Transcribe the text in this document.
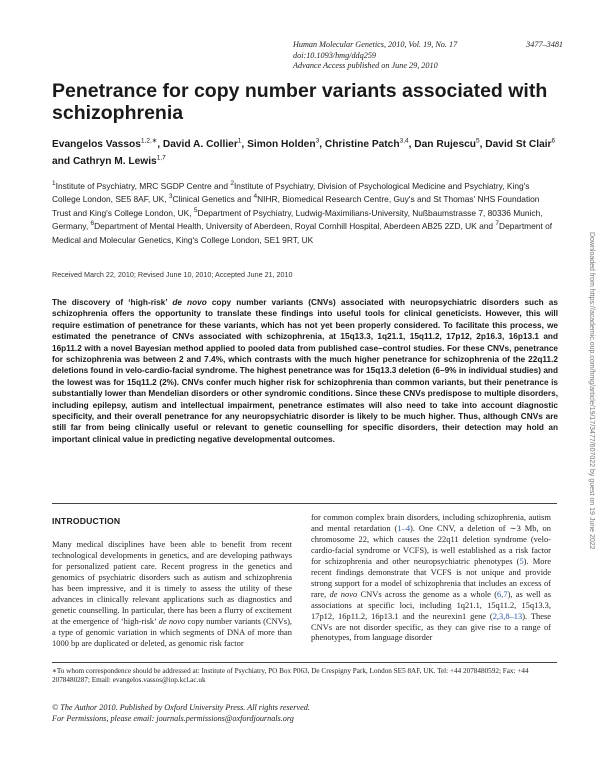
Human Molecular Genetics, 2010, Vol. 19, No. 17	3477–3481
doi:10.1093/hmg/ddq259
Advance Access published on June 29, 2010
Penetrance for copy number variants associated with schizophrenia
Evangelos Vassos$^{1,2,∗}$, David A. Collier$^1$, Simon Holden$^3$, Christine Patch$^{3,4}$, Dan Rujescu$^5$, David St Clair$^6$ and Cathryn M. Lewis$^{1,7}$
$^1$Institute of Psychiatry, MRC SGDP Centre and $^2$Institute of Psychiatry, Division of Psychological Medicine and Psychiatry, King's College London, SE5 8AF, UK, $^3$Clinical Genetics and $^4$NIHR, Biomedical Research Centre, Guy's and St Thomas' NHS Foundation Trust and King's College London, UK, $^5$Department of Psychiatry, Ludwig-Maximilians-University, Nußbaumstrasse 7, 80336 Munich, Germany, $^6$Department of Mental Health, University of Aberdeen, Royal Cornhill Hospital, Aberdeen AB25 2ZD, UK and $^7$Department of Medical and Molecular Genetics, King's College London, SE1 9RT, UK
Received March 22, 2010; Revised June 10, 2010; Accepted June 21, 2010
The discovery of ‘high-risk’ de novo copy number variants (CNVs) associated with neuropsychiatric disorders such as schizophrenia offers the opportunity to translate these findings into useful tools for clinical geneticists. However, this will require estimation of penetrance for these variants, which has not yet been properly considered. To facilitate this process, we estimated the penetrance of CNVs associated with schizophrenia, at 15q13.3, 1q21.1, 15q11.2, 17p12, 2p16.3, 16p13.1 and 16p11.2 with a novel Bayesian method applied to pooled data from published case–control studies. For these CNVs, penetrance for schizophrenia was between 2 and 7.4%, which contrasts with the much higher penetrance for schizophrenia of the 22q11.2 deletions found in velo-cardio-facial syndrome. The highest penetrance was for 15q13.3 deletion (6–9% in individual studies) and the lowest was for 15q11.2 (2%). CNVs confer much higher risk for schizophrenia than common variants, but their penetrance is substantially lower than Mendelian disorders or other syndromic conditions. Since these CNVs predispose to multiple disorders, including epilepsy, autism and intellectual impairment, penetrance estimates will also need to take into account diagnostic specificity, and their overall penetrance for any neuropsychiatric disorder is likely to be much higher. Thus, although CNVs are still far from being clinically useful or relevant to genetic counselling for specific disorders, their detection may hold an important clinical value in predicting negative developmental outcomes.
INTRODUCTION
Many medical disciplines have been able to benefit from recent technological developments in genetics, and are developing pathways for personalized patient care. Recent progress in the genetics and genomics of psychiatric disorders such as autism and schizophrenia has been impressive, and it is timely to assess the utility of these advances in clinically relevant applications such as diagnostics and genetic counselling. In particular, there has been a flurry of excitement at the emergence of ‘high-risk’ de novo copy number variants (CNVs), a type of genomic variation in which segments of DNA of more than 1000 bp are duplicated or deleted, as genomic risk factor
for common complex brain disorders, including schizophrenia, autism and mental retardation (1–4). One CNV, a deletion of ∼3 Mb, on chromosome 22, which causes the 22q11 deletion syndrome (velo-cardio-facial syndrome or VCFS), is well established as a risk factor for schizophrenia and other neuropsychiatric phenotypes (5). More recent findings demonstrate that VCFS is not unique and provide strong support for a model of schizophrenia that includes an excess of rare, de novo CNVs across the genome as a whole (6,7), as well as associations at specific loci, including 1q21.1, 15q11.2, 15q13.3, 17p12, 16p11.2, 16p13.1 and the neurexin1 gene (2,3,8–13). These CNVs are not disorder specific, as they can give rise to a range of phenotypes, from language disorder
∗To whom correspondence should be addressed at: Institute of Psychiatry, PO Box P063, De Crespigny Park, London SE5 8AF, UK. Tel: +44 2078480592; Fax: +44 2078480287; Email: evangelos.vassos@iop.kcl.ac.uk
© The Author 2010. Published by Oxford University Press. All rights reserved.
For Permissions, please email: journals.permissions@oxfordjournals.org
Downloaded from https://academic.oup.com/hmg/article/19/17/3477/607022 by guest on 19 June 2022
